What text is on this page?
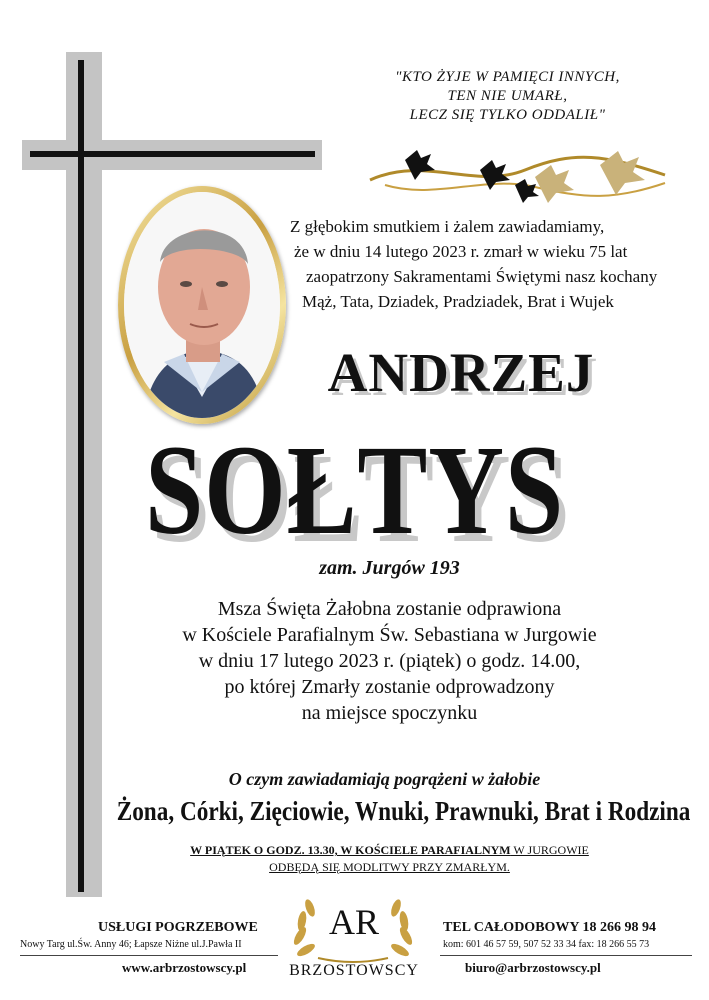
"KTO ŻYJE W PAMIĘCI INNYCH,
TEN NIE UMARŁ,
LECZ SIĘ TYLKO ODDALIŁ"
Z głębokim smutkiem i żalem zawiadamiamy,
że w dniu 14 lutego 2023 r. zmarł w wieku 75 lat
zaopatrzony Sakramentami Świętymi nasz kochany
Mąż, Tata, Dziadek, Pradziadek, Brat i Wujek
ANDRZEJ
SOŁTYS
zam. Jurgów 193
Msza Święta Żałobna zostanie odprawiona
w Kościele Parafialnym Św. Sebastiana w Jurgowie
w dniu 17 lutego 2023 r. (piątek) o godz. 14.00,
po której Zmarły zostanie odprowadzony
na miejsce spoczynku
O czym zawiadamiają pogrążeni w żałobie
Żona, Córki, Zięciowie, Wnuki, Prawnuki, Brat i Rodzina
W PIĄTEK O GODZ. 13.30, W KOŚCIELE PARAFIALNYM W JURGOWIE
ODBĘDĄ SIĘ MODLITWY PRZY ZMARŁYM.
USŁUGI POGRZEBOWE
Nowy Targ ul.Św. Anny 46; Łapsze Niżne ul.J.Pawła II
www.arbrzostowscy.pl
AR
BRZOSTOWSCY
TEL CAŁODOBOWY 18 266 98 94
kom: 601 46 57 59, 507 52 33 34 fax: 18 266 55 73
biuro@arbrzostowscy.pl
